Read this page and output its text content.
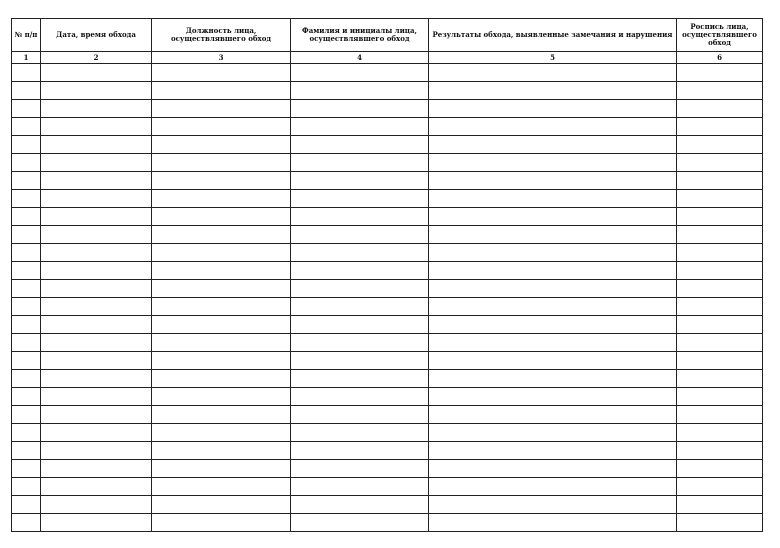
№ п/п	Дата, время обхода	Должность лица, осуществлявшего обход	Фамилия и инициалы лица, осуществлявшего обход	Результаты обхода, выявленные замечания и нарушения	Роспись лица, осуществлявшего обход
1	2	3	4	5	6
